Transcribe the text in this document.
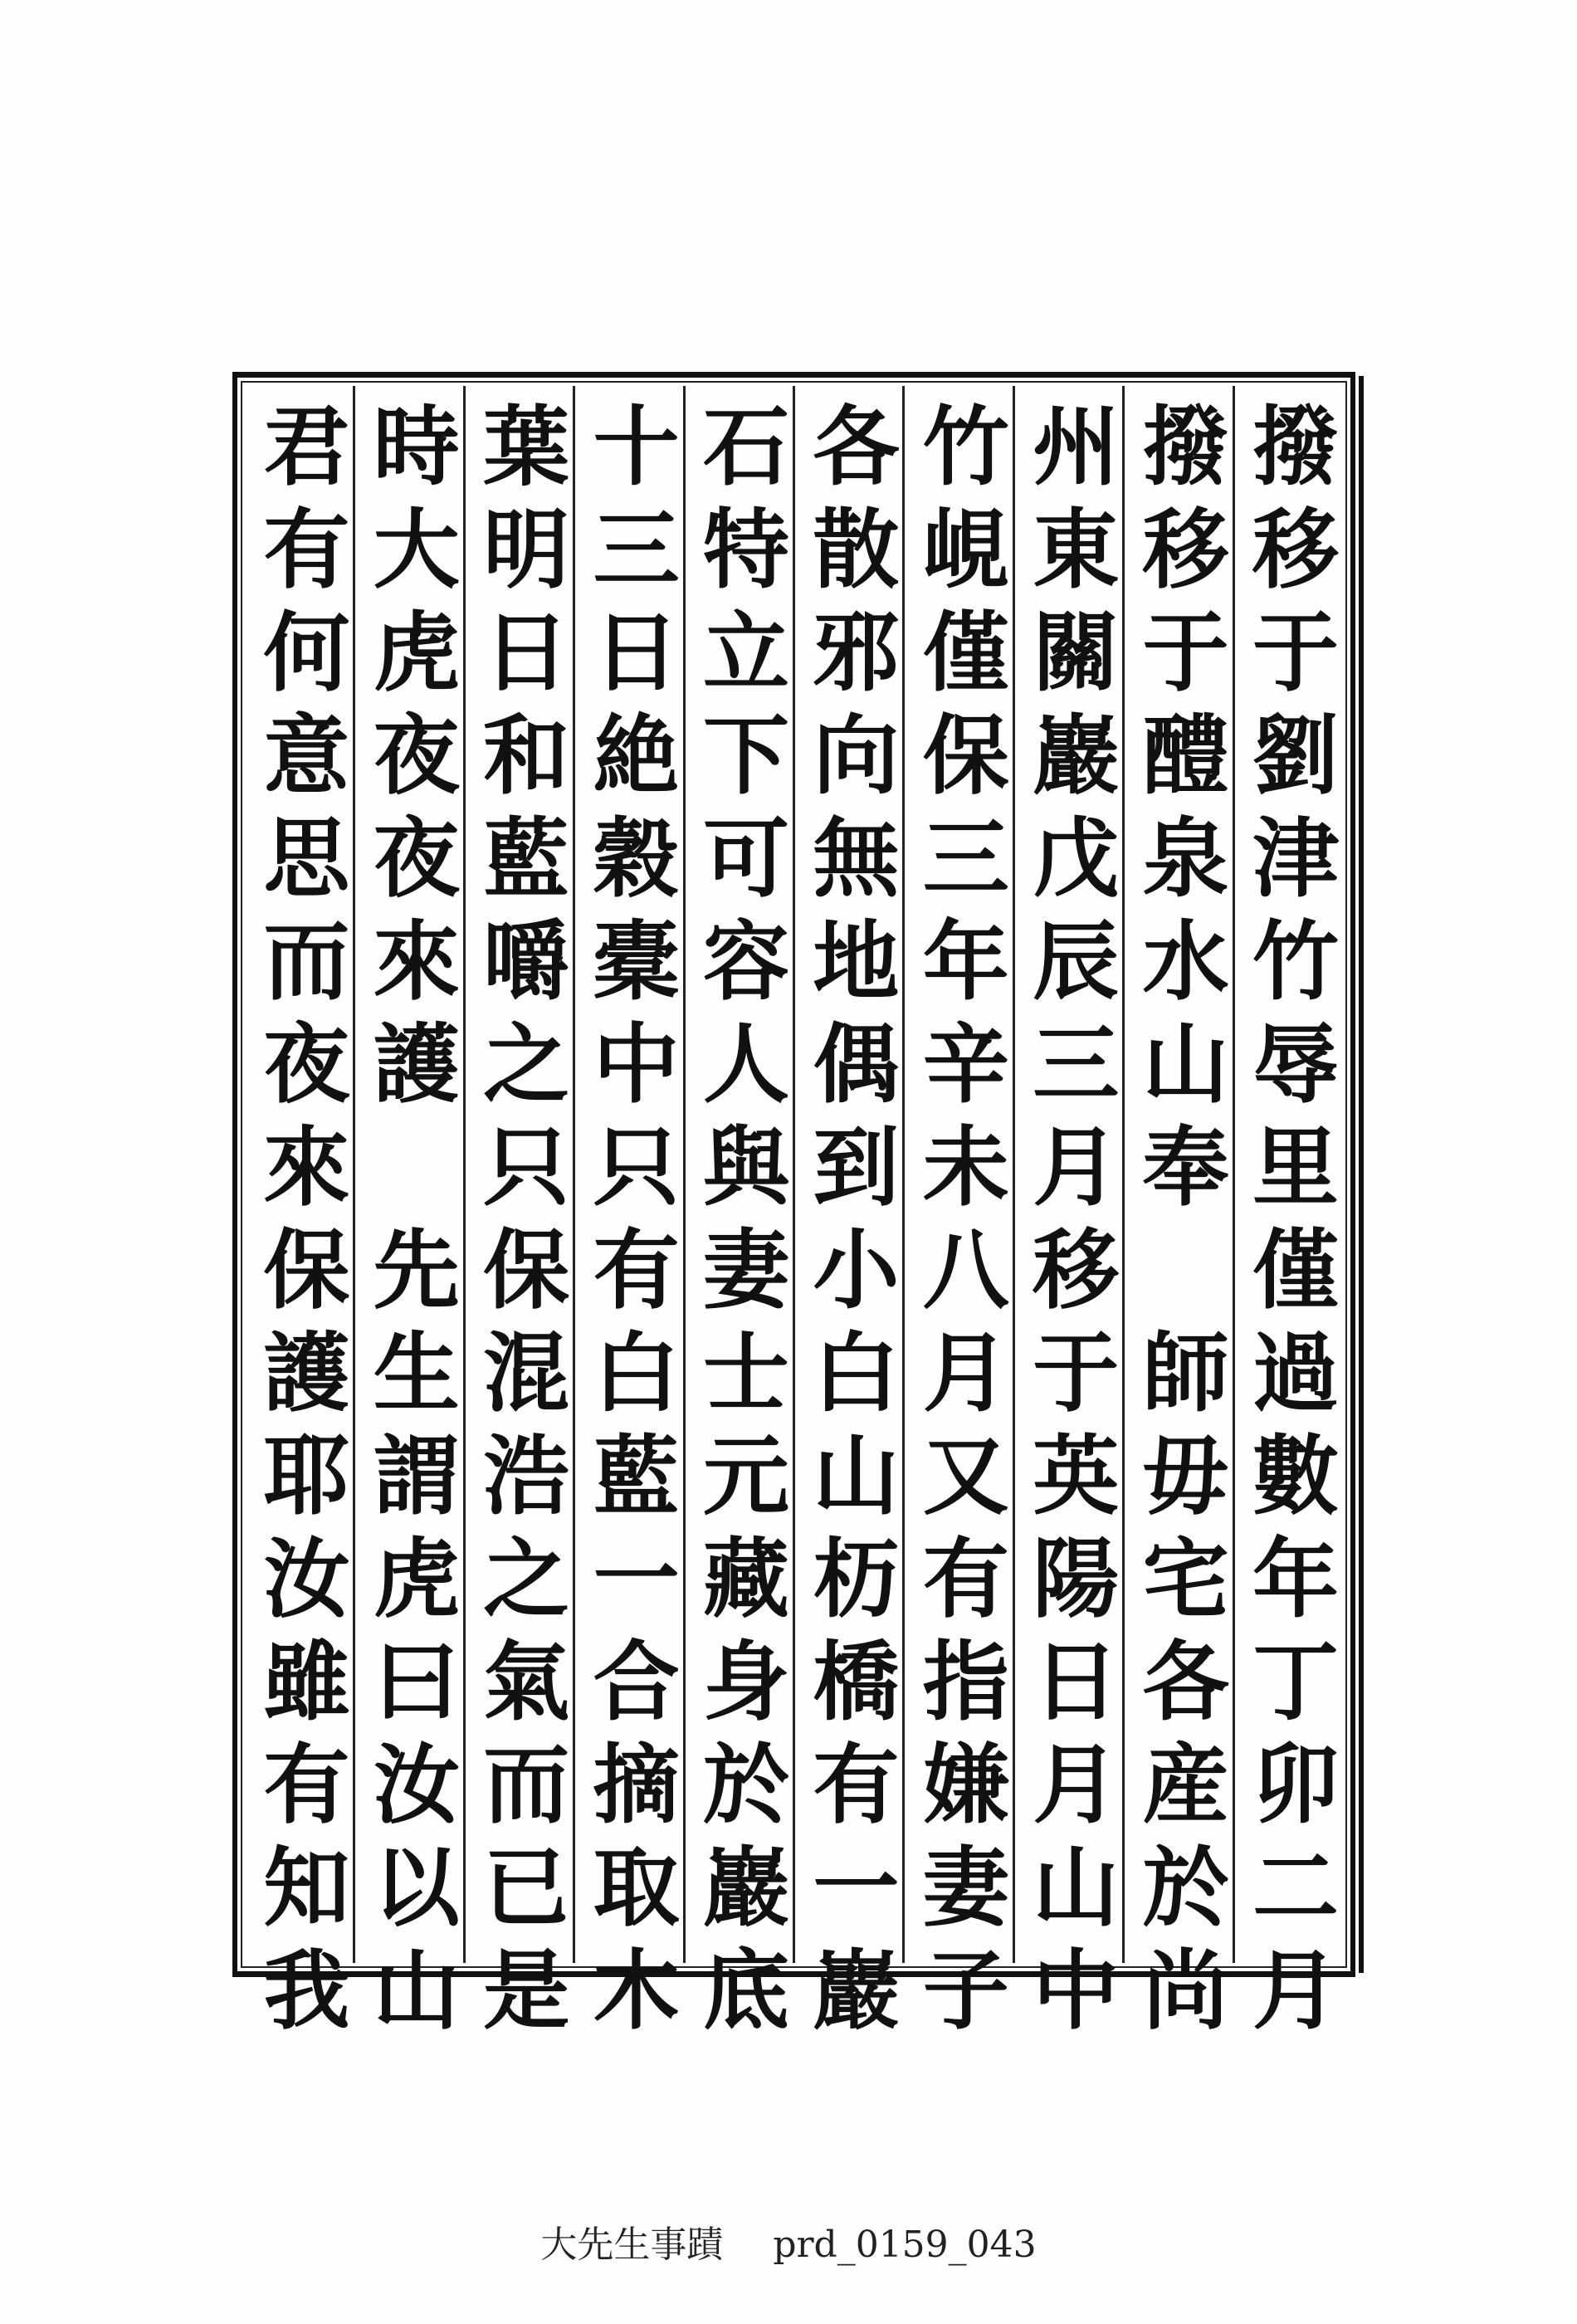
撥移于劉津竹辱里僅過數年丁卯二月
撥移于醴泉水山奉　師毋宅各産於尚
州東關巖戊辰三月移于英陽日月山中
竹峴僅保三年辛未八月又有指嫌妻子
各散邪向無地偶到小白山杤橋有一巖
石特立下可容人與妻士元藏身於巖底
十三日絶穀橐中只有白藍一合摘取木
葉明日和藍嚼之只保混浩之氣而已是
時大虎夜夜來護　先生謂虎曰汝以山
君有何意思而夜來保護耶汝雖有知我
大先生事蹟 prd_0159_043
